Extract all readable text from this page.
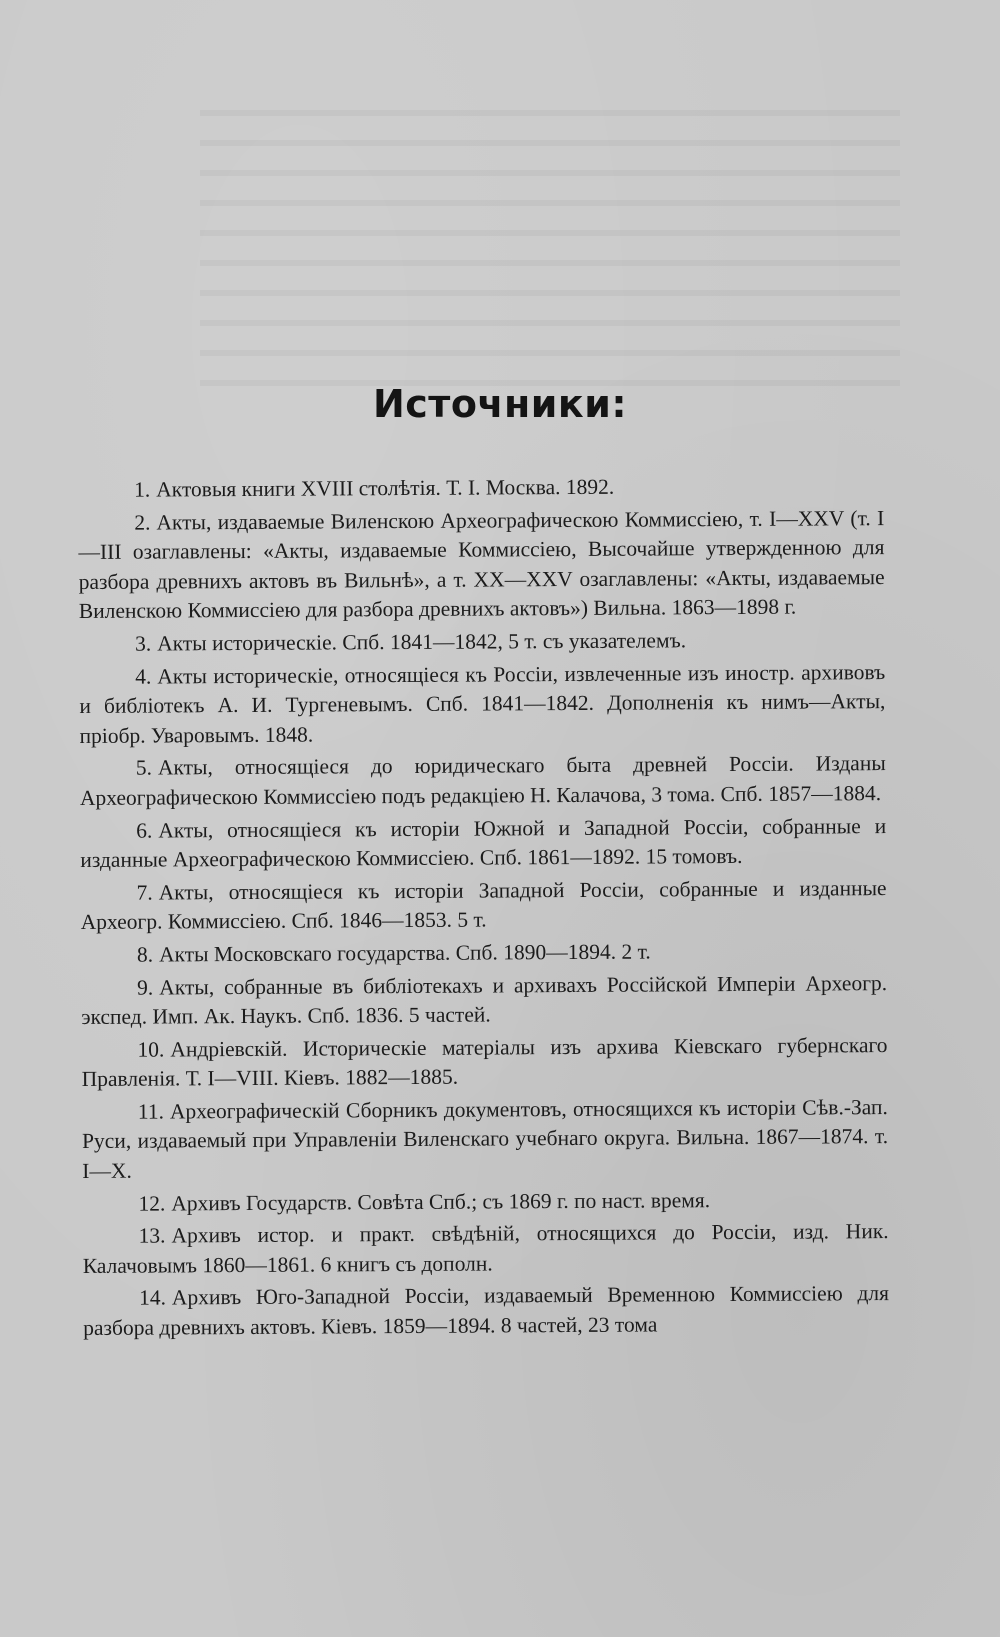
Источники:

1. Актовыя книги XVIII столѣтія. Т. I. Москва. 1892.

2. Акты, издаваемые Виленскою Археографическою Коммиссiею, т. I—XXV (т. I—III озаглавлены: «Акты, издаваемые Коммиссiею, Высочайше утвержденною для разбора древнихъ актовъ въ Вильнѣ», а т. XX—XXV озаглавлены: «Акты, издаваемые Виленскою Коммиссiею для разбора древнихъ актовъ») Вильна. 1863—1898 г.

3. Акты историческiе. Спб. 1841—1842, 5 т. съ указателемъ.

4. Акты историческiе, относящiеся къ Россiи, извлеченные изъ иностр. архивовъ и библiотекъ А. И. Тургеневымъ. Спб. 1841—1842. Дополненія къ нимъ—Акты, прiобр. Уваровымъ. 1848.

5. Акты, относящiеся до юридическаго быта древней Россiи. Изданы Археографическою Коммиссiею подъ редакцiею Н. Калачова, 3 тома. Спб. 1857—1884.

6. Акты, относящiеся къ исторiи Южной и Западной Россiи, собранные и изданные Археографическою Коммиссiею. Спб. 1861—1892. 15 томовъ.

7. Акты, относящiеся къ исторiи Западной Россiи, собранные и изданные Археогр. Коммиссiею. Спб. 1846—1853. 5 т.

8. Акты Московскаго государства. Спб. 1890—1894. 2 т.

9. Акты, собранные въ библiотекахъ и архивахъ Россiйской Имперiи Археогр. экспед. Имп. Ак. Наукъ. Спб. 1836. 5 частей.

10. Андрiевскiй. Историческiе матерiалы изъ архива Кiевскаго губернскаго Правленiя. Т. I—VIII. Кiевъ. 1882—1885.

11. Археографическiй Сборникъ документовъ, относящихся къ исторiи Сѣв.-Зап. Руси, издаваемый при Управленiи Виленскаго учебнаго округа. Вильна. 1867—1874. т. I—X.

12. Архивъ Государств. Совѣта Спб.; съ 1869 г. по наст. время.

13. Архивъ истор. и практ. свѣдѣнiй, относящихся до Россiи, изд. Ник. Калачовымъ 1860—1861. 6 книгъ съ дополн.

14. Архивъ Юго-Западной Россiи, издаваемый Временною Коммиссiею для разбора древнихъ актовъ. Кiевъ. 1859—1894. 8 частей, 23 тома
